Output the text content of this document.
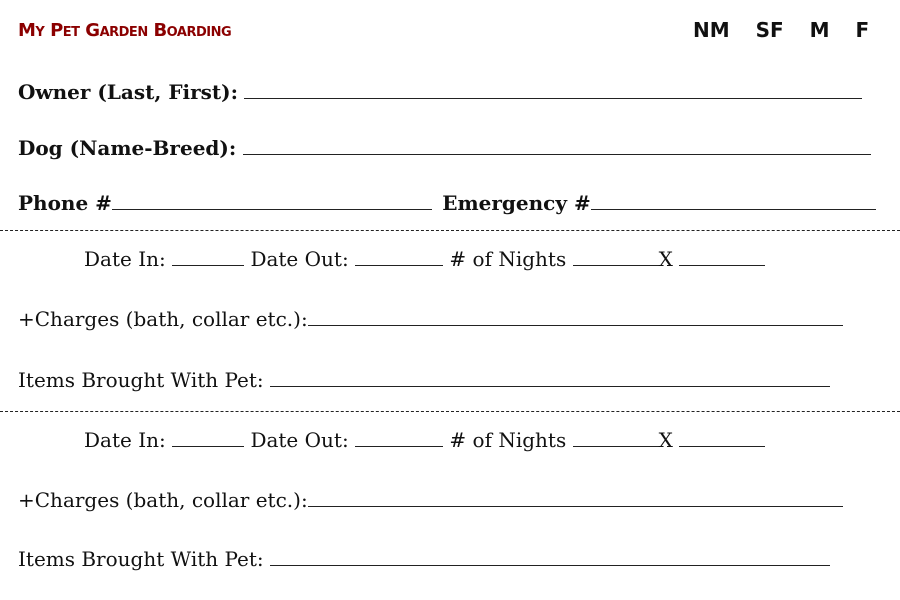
My Pet Garden Boarding	NM SF M F
Owner (Last, First):
Dog (Name-Breed):
Phone #	Emergency #
Date In:	Date Out:	# of Nights	X
+Charges (bath, collar etc.):
Items Brought With Pet:
Date In:	Date Out:	# of Nights	X
+Charges (bath, collar etc.):
Items Brought With Pet:
